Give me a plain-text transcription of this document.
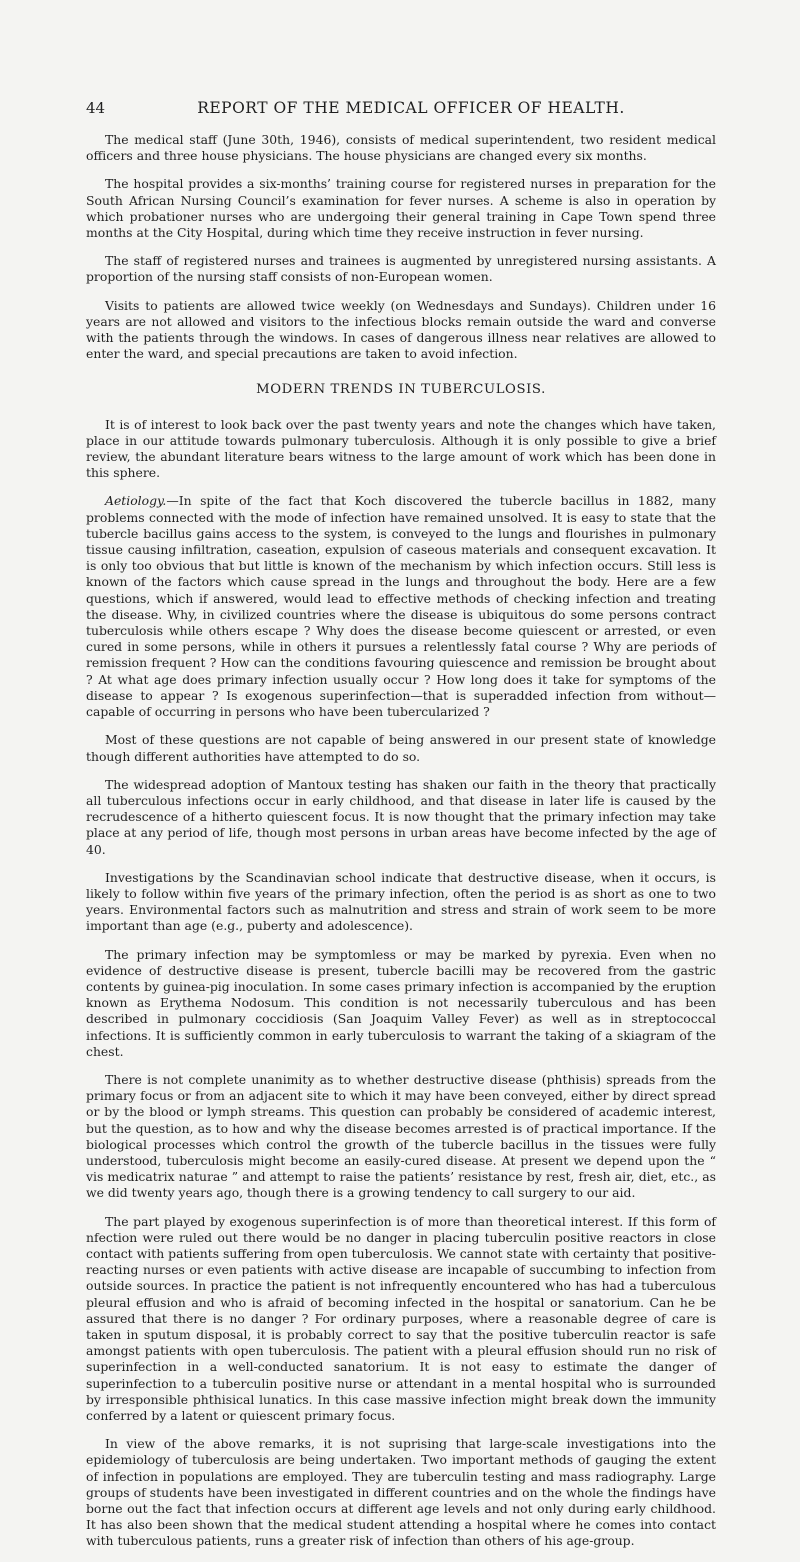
44	REPORT OF THE MEDICAL OFFICER OF HEALTH.

The medical staff (June 30th, 1946), consists of medical superintendent, two resident medical officers and three house physicians. The house physicians are changed every six months.

The hospital provides a six-months’ training course for registered nurses in preparation for the South African Nursing Council’s examination for fever nurses. A scheme is also in operation by which probationer nurses who are undergoing their general training in Cape Town spend three months at the City Hospital, during which time they receive instruction in fever nursing.

The staff of registered nurses and trainees is augmented by unregistered nursing assistants. A proportion of the nursing staff consists of non-European women.

Visits to patients are allowed twice weekly (on Wednesdays and Sundays). Children under 16 years are not allowed and visitors to the infectious blocks remain outside the ward and converse with the patients through the windows. In cases of dangerous illness near relatives are allowed to enter the ward, and special precautions are taken to avoid infection.

MODERN TRENDS IN TUBERCULOSIS.

It is of interest to look back over the past twenty years and note the changes which have taken, place in our attitude towards pulmonary tuberculosis. Although it is only possible to give a brief review, the abundant literature bears witness to the large amount of work which has been done in this sphere.

Aetiology.—In spite of the fact that Koch discovered the tubercle bacillus in 1882, many problems connected with the mode of infection have remained unsolved. It is easy to state that the tubercle bacillus gains access to the system, is conveyed to the lungs and flourishes in pulmonary tissue causing infiltration, caseation, expulsion of caseous materials and consequent excavation. It is only too obvious that but little is known of the mechanism by which infection occurs. Still less is known of the factors which cause spread in the lungs and throughout the body. Here are a few questions, which if answered, would lead to effective methods of checking infection and treating the disease. Why, in civilized countries where the disease is ubiquitous do some persons contract tuberculosis while others escape ? Why does the disease become quiescent or arrested, or even cured in some persons, while in others it pursues a relentlessly fatal course ? Why are periods of remission frequent ? How can the conditions favouring quiescence and remission be brought about ? At what age does primary infection usually occur ? How long does it take for symptoms of the disease to appear ? Is exogenous superinfection—that is superadded infection from without—capable of occurring in persons who have been tubercularized ?

Most of these questions are not capable of being answered in our present state of knowledge though different authorities have attempted to do so.

The widespread adoption of Mantoux testing has shaken our faith in the theory that practically all tuberculous infections occur in early childhood, and that disease in later life is caused by the recrudescence of a hitherto quiescent focus. It is now thought that the primary infection may take place at any period of life, though most persons in urban areas have become infected by the age of 40.

Investigations by the Scandinavian school indicate that destructive disease, when it occurs, is likely to follow within five years of the primary infection, often the period is as short as one to two years. Environmental factors such as malnutrition and stress and strain of work seem to be more important than age (e.g., puberty and adolescence).

The primary infection may be symptomless or may be marked by pyrexia. Even when no evidence of destructive disease is present, tubercle bacilli may be recovered from the gastric contents by guinea-pig inoculation. In some cases primary infection is accompanied by the eruption known as Erythema Nodosum. This condition is not necessarily tuberculous and has been described in pulmonary coccidiosis (San Joaquim Valley Fever) as well as in streptococcal infections. It is sufficiently common in early tuberculosis to warrant the taking of a skiagram of the chest.

There is not complete unanimity as to whether destructive disease (phthisis) spreads from the primary focus or from an adjacent site to which it may have been conveyed, either by direct spread or by the blood or lymph streams. This question can probably be considered of academic interest, but the question, as to how and why the disease becomes arrested is of practical importance. If the biological processes which control the growth of the tubercle bacillus in the tissues were fully understood, tuberculosis might become an easily-cured disease. At present we depend upon the “ vis medicatrix naturae ” and attempt to raise the patients’ resistance by rest, fresh air, diet, etc., as we did twenty years ago, though there is a growing tendency to call surgery to our aid.

The part played by exogenous superinfection is of more than theoretical interest. If this form of nfection were ruled out there would be no danger in placing tuberculin positive reactors in close contact with patients suffering from open tuberculosis. We cannot state with certainty that positive-reacting nurses or even patients with active disease are incapable of succumbing to infection from outside sources. In practice the patient is not infrequently encountered who has had a tuberculous pleural effusion and who is afraid of becoming infected in the hospital or sanatorium. Can he be assured that there is no danger ? For ordinary purposes, where a reasonable degree of care is taken in sputum disposal, it is probably correct to say that the positive tuberculin reactor is safe amongst patients with open tuberculosis. The patient with a pleural effusion should run no risk of superinfection in a well-conducted sanatorium. It is not easy to estimate the danger of superinfection to a tuberculin positive nurse or attendant in a mental hospital who is surrounded by irresponsible phthisical lunatics. In this case massive infection might break down the immunity conferred by a latent or quiescent primary focus.

In view of the above remarks, it is not suprising that large-scale investigations into the epidemiology of tuberculosis are being undertaken. Two important methods of gauging the extent of infection in populations are employed. They are tuberculin testing and mass radiography. Large groups of students have been investigated in different countries and on the whole the findings have borne out the fact that infection occurs at different age levels and not only during early childhood. It has also been shown that the medical student attending a hospital where he comes into contact with tuberculous patients, runs a greater risk of infection than others of his age-group.
